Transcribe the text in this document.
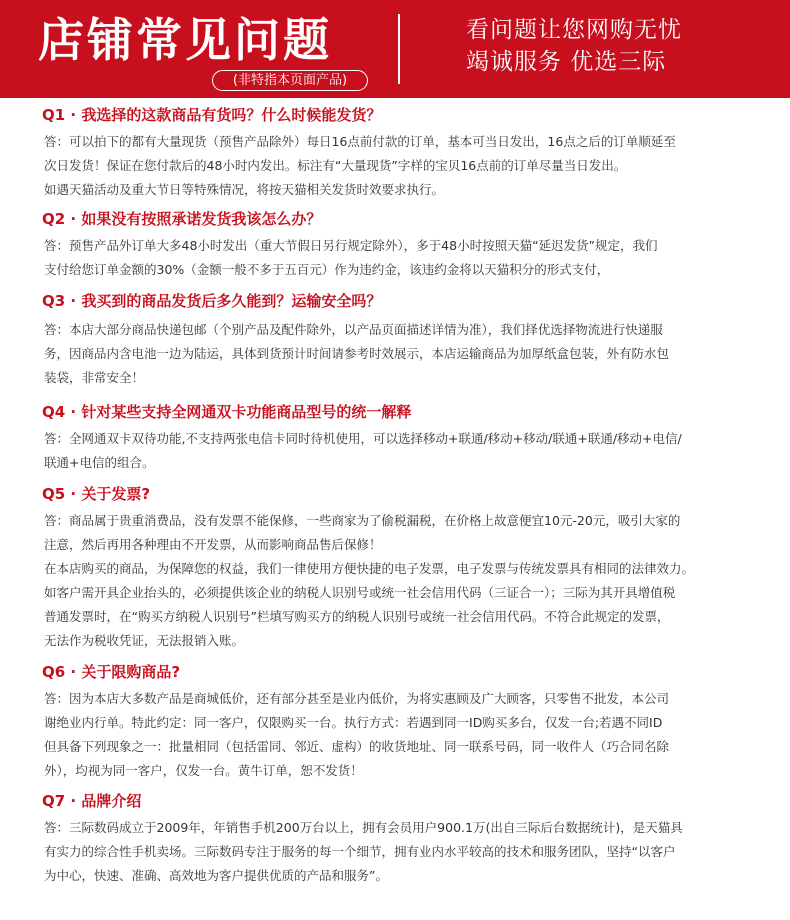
店铺常见问题
(非特指本页面产品)
看问题让您网购无忧
竭诚服务 优选三际
Q1 · 我选择的这款商品有货吗？什么时候能发货？
答：可以拍下的都有大量现货（预售产品除外）每日16点前付款的订单，基本可当日发出，16点之后的订单顺延至
次日发货！保证在您付款后的48小时内发出。标注有“大量现货”字样的宝贝16点前的订单尽量当日发出。
如遇天猫活动及重大节日等特殊情况，将按天猫相关发货时效要求执行。
Q2 · 如果没有按照承诺发货我该怎么办？
答：预售产品外订单大多48小时发出（重大节假日另行规定除外），多于48小时按照天猫“延迟发货”规定，我们
支付给您订单金额的30%（金额一般不多于五百元）作为违约金，该违约金将以天猫积分的形式支付，
Q3 · 我买到的商品发货后多久能到？运输安全吗？
答：本店大部分商品快递包邮（个别产品及配件除外，以产品页面描述详情为准），我们择优选择物流进行快递服
务，因商品内含电池一边为陆运，具体到货预计时间请参考时效展示，本店运输商品为加厚纸盒包装，外有防水包
装袋，非常安全！
Q4 · 针对某些支持全网通双卡功能商品型号的统一解释
答：全网通双卡双待功能,不支持两张电信卡同时待机使用，可以选择移动+联通/移动+移动/联通+联通/移动+电信/
联通+电信的组合。
Q5 · 关于发票?
答：商品属于贵重消费品，没有发票不能保修，一些商家为了偷税漏税，在价格上故意便宜10元-20元，吸引大家的
注意，然后再用各种理由不开发票，从而影响商品售后保修！
在本店购买的商品，为保障您的权益，我们一律使用方便快捷的电子发票，电子发票与传统发票具有相同的法律效力。
如客户需开具企业抬头的，必须提供该企业的纳税人识别号或统一社会信用代码（三证合一）；三际为其开具增值税
普通发票时，在“购买方纳税人识别号”栏填写购买方的纳税人识别号或统一社会信用代码。不符合此规定的发票，
无法作为税收凭证，无法报销入账。
Q6 · 关于限购商品?
答：因为本店大多数产品是商城低价，还有部分甚至是业内低价，为将实惠顾及广大顾客，只零售不批发，本公司
谢绝业内行单。特此约定：同一客户，仅限购买一台。执行方式：若遇到同一ID购买多台，仅发一台;若遇不同ID
但具备下列现象之一：批量相同（包括雷同、邻近、虚构）的收货地址、同一联系号码，同一收件人（巧合同名除
外），均视为同一客户，仅发一台。黄牛订单，恕不发货！
Q7 · 品牌介绍
答：三际数码成立于2009年，年销售手机200万台以上，拥有会员用户900.1万(出自三际后台数据统计)，是天猫具
有实力的综合性手机卖场。三际数码专注于服务的每一个细节，拥有业内水平较高的技术和服务团队，坚持“以客户
为中心，快速、准确、高效地为客户提供优质的产品和服务”。
